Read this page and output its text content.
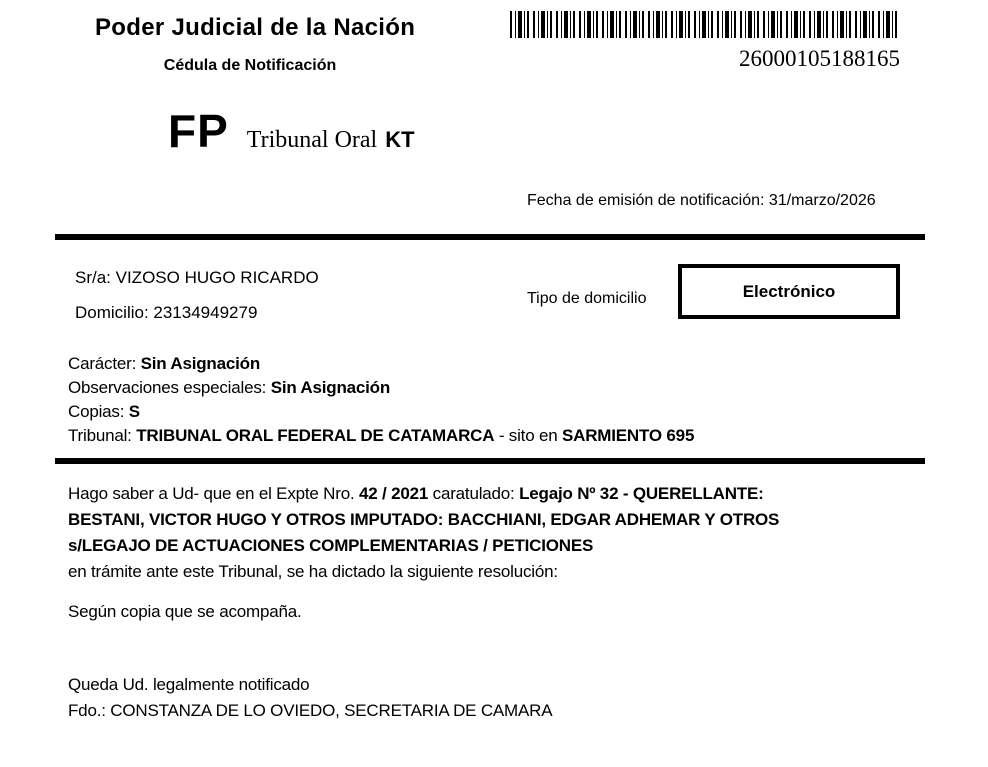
Poder Judicial de la Nación
Cédula de Notificación	26000105188165
FP Tribunal Oral KT
Fecha de emisión de notificación: 31/marzo/2026
Sr/a: VIZOSO HUGO RICARDO
Domicilio: 23134949279
Tipo de domicilio	Electrónico
Carácter: Sin Asignación
Observaciones especiales: Sin Asignación
Copias: S
Tribunal: TRIBUNAL ORAL FEDERAL DE CATAMARCA - sito en SARMIENTO 695
Hago saber a Ud- que en el Expte Nro. 42 / 2021 caratulado: Legajo Nº 32 - QUERELLANTE:
BESTANI, VICTOR HUGO Y OTROS IMPUTADO: BACCHIANI, EDGAR ADHEMAR Y OTROS
s/LEGAJO DE ACTUACIONES COMPLEMENTARIAS / PETICIONES
en trámite ante este Tribunal, se ha dictado la siguiente resolución:
Según copia que se acompaña.
Queda Ud. legalmente notificado
Fdo.: CONSTANZA DE LO OVIEDO, SECRETARIA DE CAMARA
